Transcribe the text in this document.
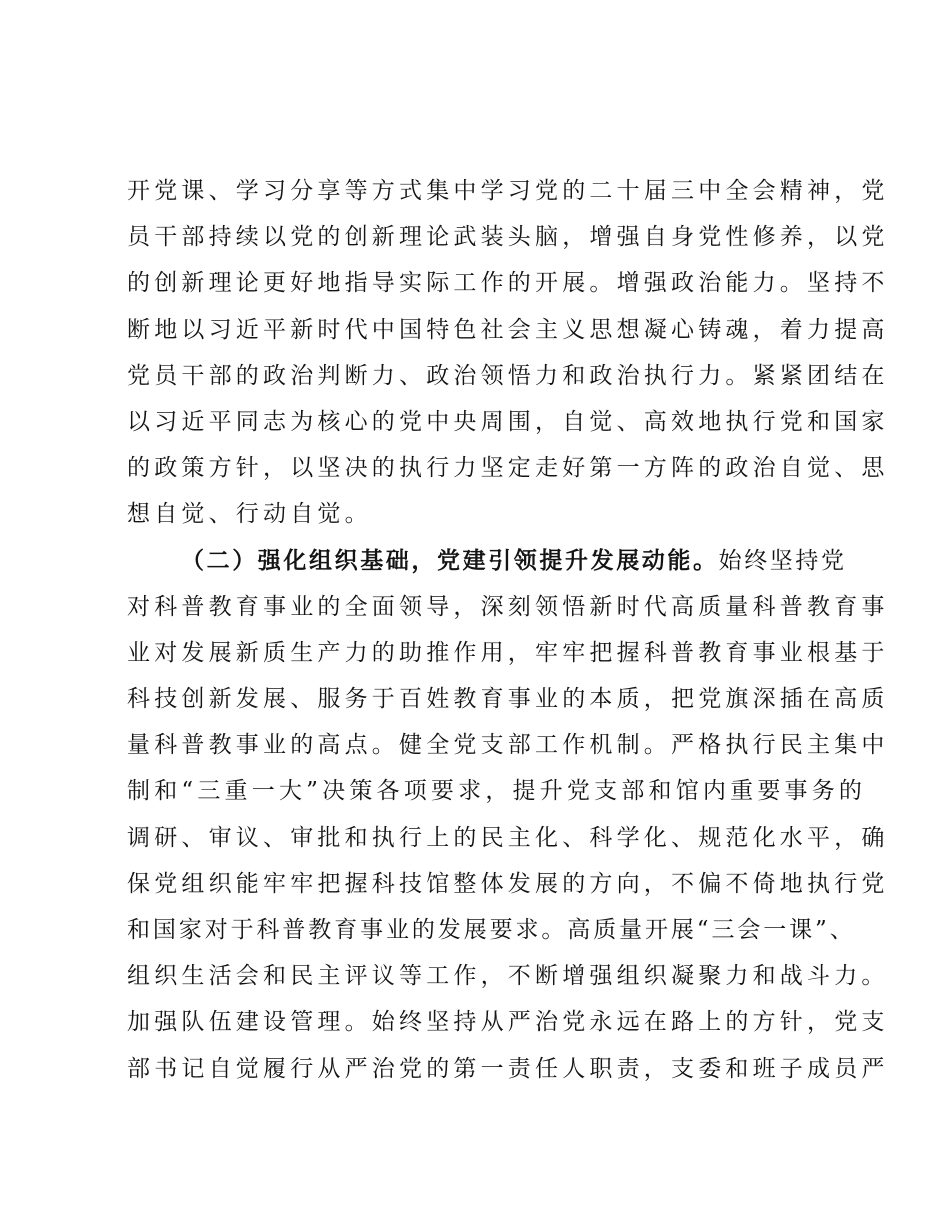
开党课、学习分享等方式集中学习党的二十届三中全会精神，党
员干部持续以党的创新理论武装头脑，增强自身党性修养，以党
的创新理论更好地指导实际工作的开展。增强政治能力。坚持不
断地以习近平新时代中国特色社会主义思想凝心铸魂，着力提高
党员干部的政治判断力、政治领悟力和政治执行力。紧紧团结在
以习近平同志为核心的党中央周围，自觉、高效地执行党和国家
的政策方针，以坚决的执行力坚定走好第一方阵的政治自觉、思
想自觉、行动自觉。
（二）强化组织基础，党建引领提升发展动能。始终坚持党
对科普教育事业的全面领导，深刻领悟新时代高质量科普教育事
业对发展新质生产力的助推作用，牢牢把握科普教育事业根基于
科技创新发展、服务于百姓教育事业的本质，把党旗深插在高质
量科普教事业的高点。健全党支部工作机制。严格执行民主集中
制和“三重一大”决策各项要求，提升党支部和馆内重要事务的
调研、审议、审批和执行上的民主化、科学化、规范化水平，确
保党组织能牢牢把握科技馆整体发展的方向，不偏不倚地执行党
和国家对于科普教育事业的发展要求。高质量开展“三会一课”、
组织生活会和民主评议等工作，不断增强组织凝聚力和战斗力。
加强队伍建设管理。始终坚持从严治党永远在路上的方针，党支
部书记自觉履行从严治党的第一责任人职责，支委和班子成员严
